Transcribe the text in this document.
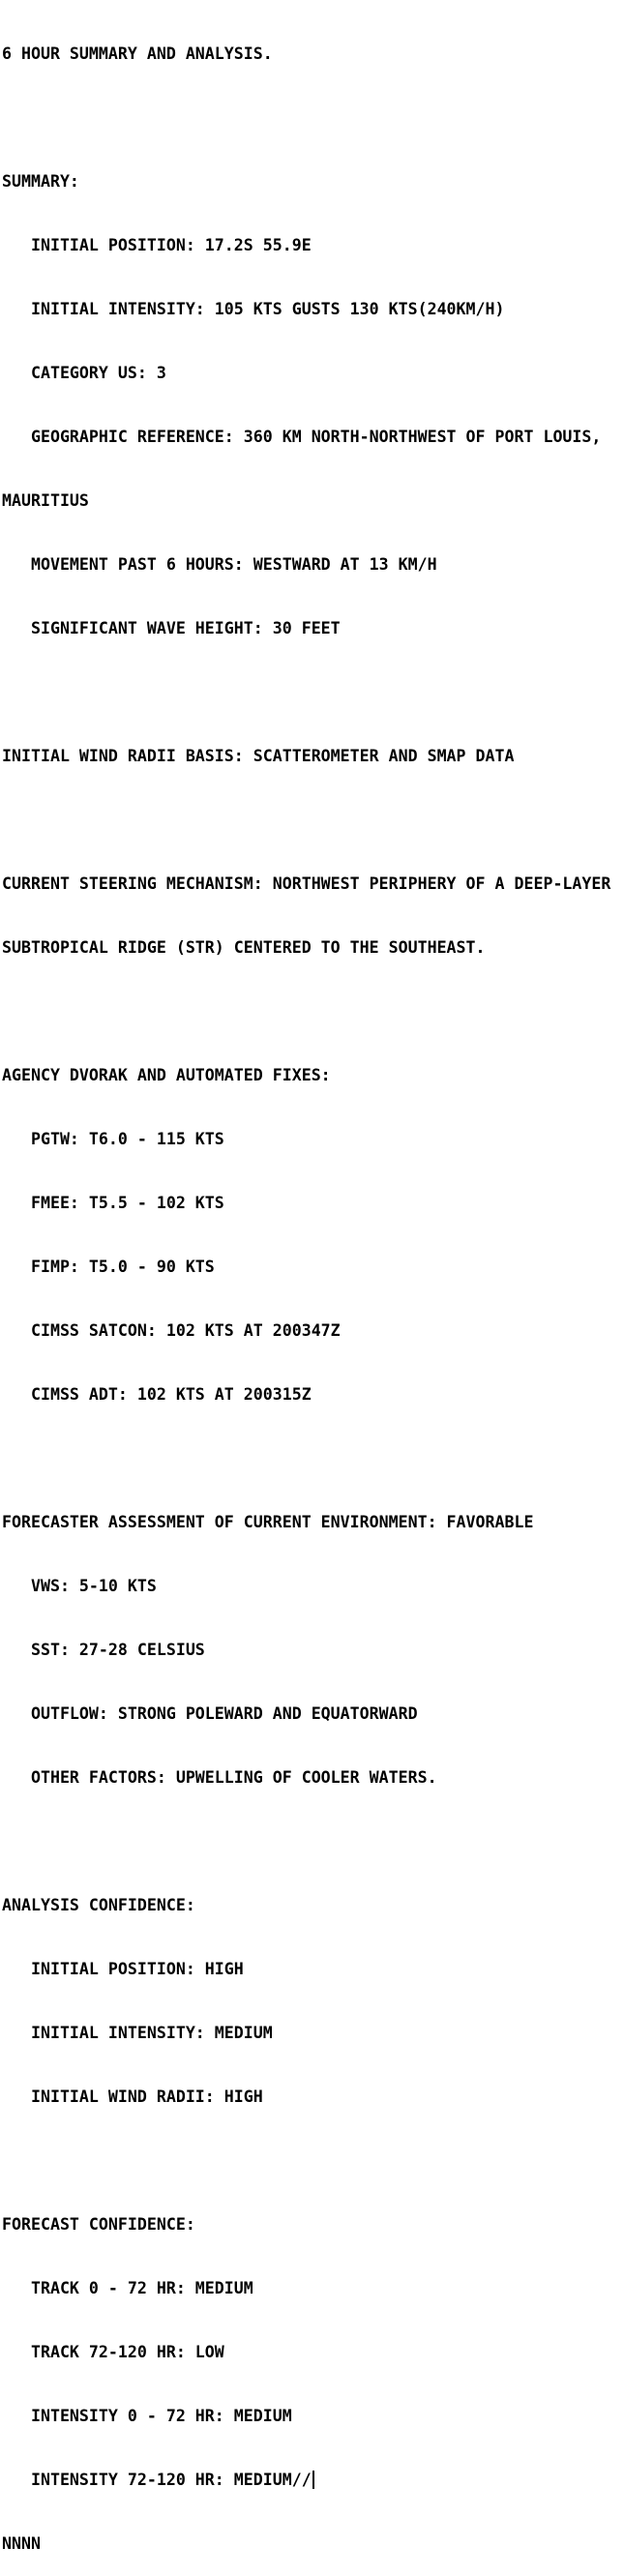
6 HOUR SUMMARY AND ANALYSIS.

SUMMARY:

INITIAL POSITION: 17.2S 55.9E

INITIAL INTENSITY: 105 KTS GUSTS 130 KTS(240KM/H)

CATEGORY US: 3

GEOGRAPHIC REFERENCE: 360 KM NORTH-NORTHWEST OF PORT LOUIS,

MAURITIUS

MOVEMENT PAST 6 HOURS: WESTWARD AT 13 KM/H

SIGNIFICANT WAVE HEIGHT: 30 FEET

INITIAL WIND RADII BASIS: SCATTEROMETER AND SMAP DATA

CURRENT STEERING MECHANISM: NORTHWEST PERIPHERY OF A DEEP-LAYER

SUBTROPICAL RIDGE (STR) CENTERED TO THE SOUTHEAST.

AGENCY DVORAK AND AUTOMATED FIXES:

PGTW: T6.0 - 115 KTS

FMEE: T5.5 - 102 KTS

FIMP: T5.0 - 90 KTS

CIMSS SATCON: 102 KTS AT 200347Z

CIMSS ADT: 102 KTS AT 200315Z

FORECASTER ASSESSMENT OF CURRENT ENVIRONMENT: FAVORABLE

VWS: 5-10 KTS

SST: 27-28 CELSIUS

OUTFLOW: STRONG POLEWARD AND EQUATORWARD

OTHER FACTORS: UPWELLING OF COOLER WATERS.

ANALYSIS CONFIDENCE:

INITIAL POSITION: HIGH

INITIAL INTENSITY: MEDIUM

INITIAL WIND RADII: HIGH

FORECAST CONFIDENCE:

TRACK 0 - 72 HR: MEDIUM

TRACK 72-120 HR: LOW

INTENSITY 0 - 72 HR: MEDIUM

INTENSITY 72-120 HR: MEDIUM//

NNNN
